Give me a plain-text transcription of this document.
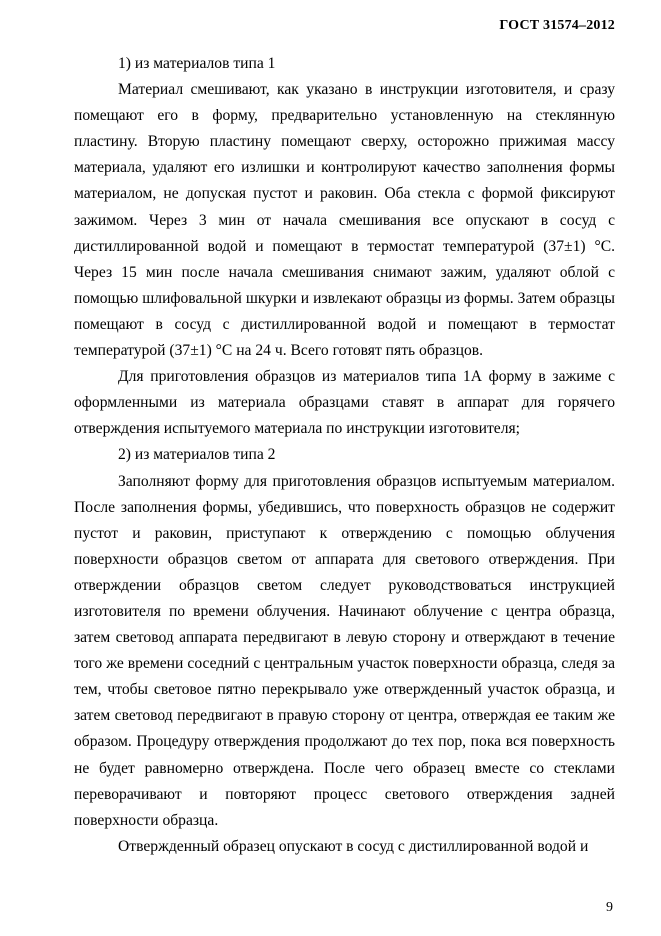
ГОСТ 31574–2012

1) из материалов типа 1

Материал смешивают, как указано в инструкции изготовителя, и сразу помещают его в форму, предварительно установленную на стеклянную пластину. Вторую пластину помещают сверху, осторожно прижимая массу материала, удаляют его излишки и контролируют качество заполнения формы материалом, не допуская пустот и раковин. Оба стекла с формой фиксируют зажимом. Через 3 мин от начала смешивания все опускают в сосуд с дистиллированной водой и помещают в термостат температурой (37±1) °С. Через 15 мин после начала смешивания снимают зажим, удаляют облой с помощью шлифовальной шкурки и извлекают образцы из формы. Затем образцы помещают в сосуд с дистиллированной водой и помещают в термостат температурой (37±1) °С на 24 ч. Всего готовят пять образцов.

Для приготовления образцов из материалов типа 1А форму в зажиме с оформленными из материала образцами ставят в аппарат для горячего отверждения испытуемого материала по инструкции изготовителя;

2) из материалов типа 2

Заполняют форму для приготовления образцов испытуемым материалом. После заполнения формы, убедившись, что поверхность образцов не содержит пустот и раковин, приступают к отверждению с помощью облучения поверхности образцов светом от аппарата для светового отверждения. При отверждении образцов светом следует руководствоваться инструкцией изготовителя по времени облучения. Начинают облучение с центра образца, затем световод аппарата передвигают в левую сторону и отверждают в течение того же времени соседний с центральным участок поверхности образца, следя за тем, чтобы световое пятно перекрывало уже отвержденный участок образца, и затем световод передвигают в правую сторону от центра, отверждая ее таким же образом. Процедуру отверждения продолжают до тех пор, пока вся поверхность не будет равномерно отверждена. После чего образец вместе со стеклами переворачивают и повторяют процесс светового отверждения задней поверхности образца.

Отвержденный образец опускают в сосуд с дистиллированной водой и

9
